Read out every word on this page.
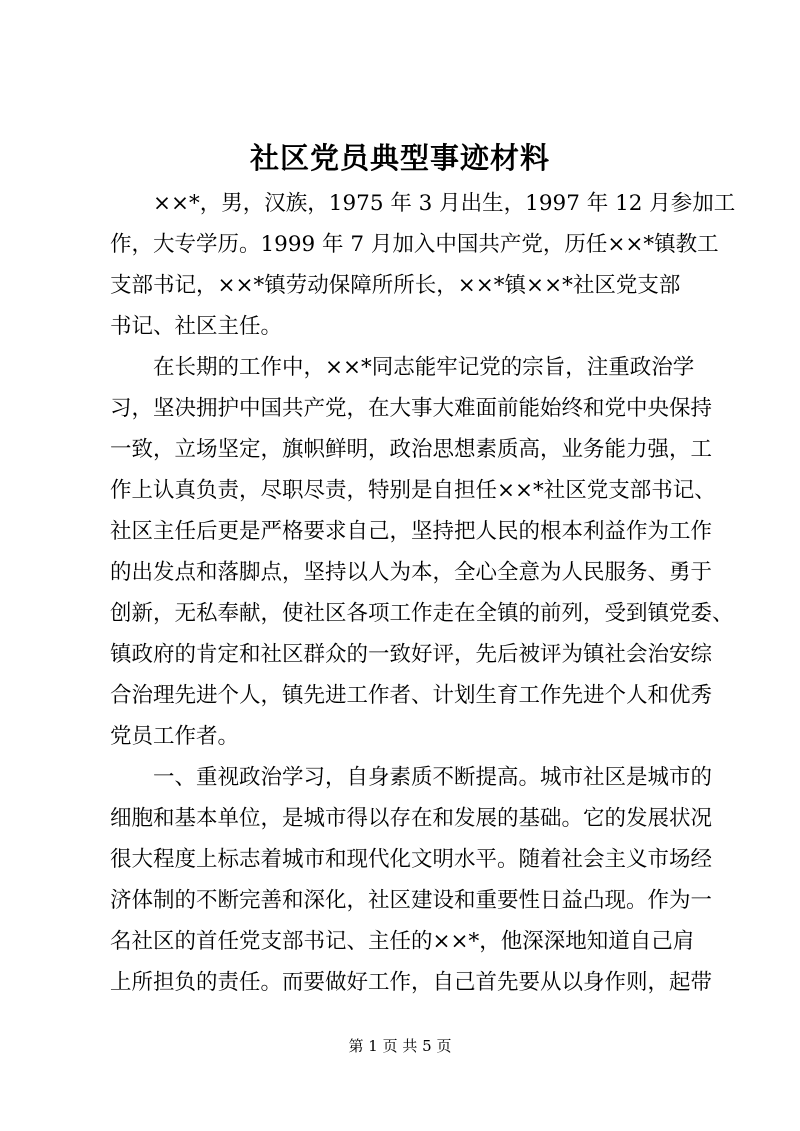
社区党员典型事迹材料
　　××*，男，汉族，1975 年 3 月出生，1997 年 12 月参加工
作，大专学历。1999 年 7 月加入中国共产党，历任××*镇教工
支部书记，××*镇劳动保障所所长，××*镇××*社区党支部
书记、社区主任。
　　在长期的工作中，××*同志能牢记党的宗旨，注重政治学
习，坚决拥护中国共产党，在大事大难面前能始终和党中央保持
一致，立场坚定，旗帜鲜明，政治思想素质高，业务能力强，工
作上认真负责，尽职尽责，特别是自担任××*社区党支部书记、
社区主任后更是严格要求自己，坚持把人民的根本利益作为工作
的出发点和落脚点，坚持以人为本，全心全意为人民服务、勇于
创新，无私奉献，使社区各项工作走在全镇的前列，受到镇党委、
镇政府的肯定和社区群众的一致好评，先后被评为镇社会治安综
合治理先进个人，镇先进工作者、计划生育工作先进个人和优秀
党员工作者。
　　一、重视政治学习，自身素质不断提高。城市社区是城市的
细胞和基本单位，是城市得以存在和发展的基础。它的发展状况
很大程度上标志着城市和现代化文明水平。随着社会主义市场经
济体制的不断完善和深化，社区建设和重要性日益凸现。作为一
名社区的首任党支部书记、主任的××*，他深深地知道自己肩
上所担负的责任。而要做好工作，自己首先要从以身作则，起带
第 1 页 共 5 页
